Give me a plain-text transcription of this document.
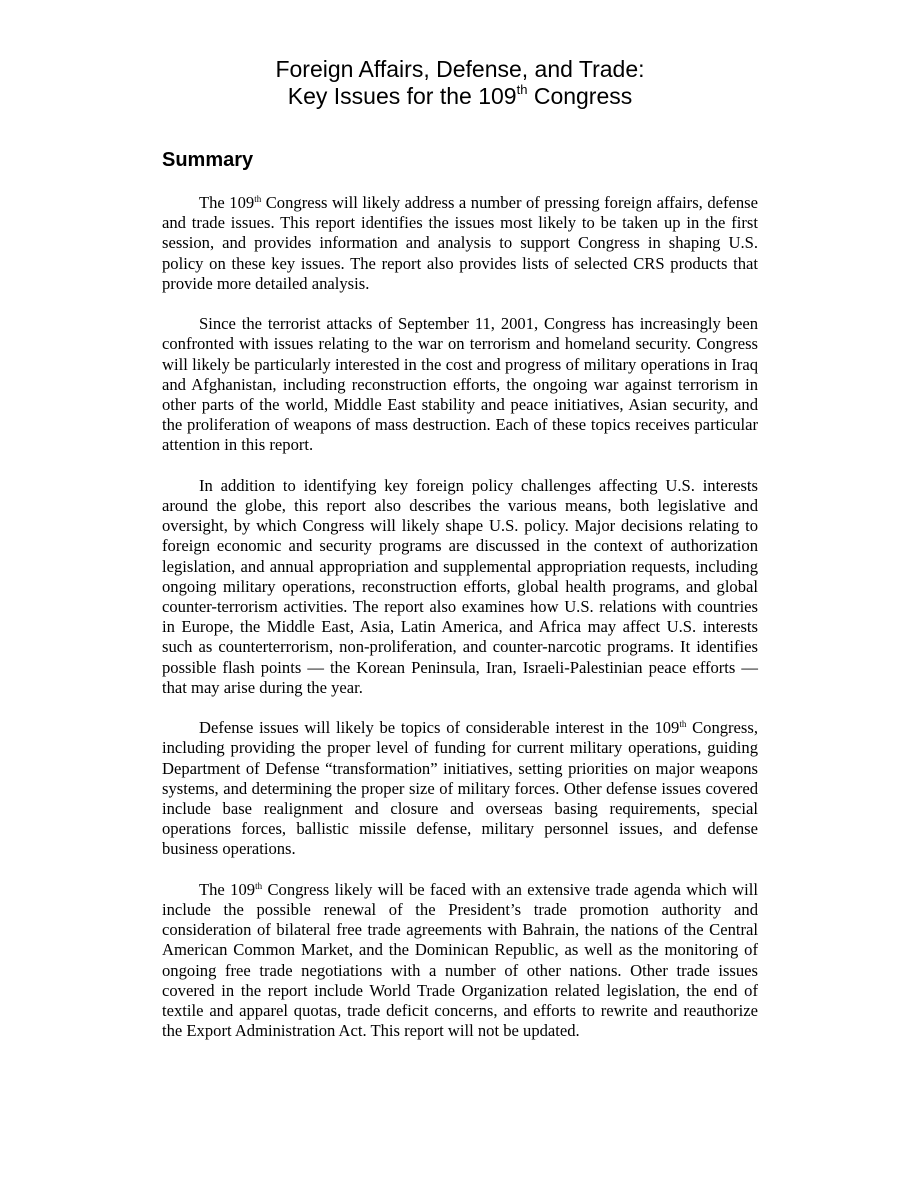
Foreign Affairs, Defense, and Trade:
Key Issues for the 109th Congress
Summary

The 109th Congress will likely address a number of pressing foreign affairs, defense and trade issues. This report identifies the issues most likely to be taken up in the first session, and provides information and analysis to support Congress in shaping U.S. policy on these key issues. The report also provides lists of selected CRS products that provide more detailed analysis.

Since the terrorist attacks of September 11, 2001, Congress has increasingly been confronted with issues relating to the war on terrorism and homeland security. Congress will likely be particularly interested in the cost and progress of military operations in Iraq and Afghanistan, including reconstruction efforts, the ongoing war against terrorism in other parts of the world, Middle East stability and peace initiatives, Asian security, and the proliferation of weapons of mass destruction. Each of these topics receives particular attention in this report.

In addition to identifying key foreign policy challenges affecting U.S. interests around the globe, this report also describes the various means, both legislative and oversight, by which Congress will likely shape U.S. policy. Major decisions relating to foreign economic and security programs are discussed in the context of authorization legislation, and annual appropriation and supplemental appropriation requests, including ongoing military operations, reconstruction efforts, global health programs, and global counter-terrorism activities. The report also examines how U.S. relations with countries in Europe, the Middle East, Asia, Latin America, and Africa may affect U.S. interests such as counterterrorism, non-proliferation, and counter-narcotic programs. It identifies possible flash points — the Korean Peninsula, Iran, Israeli-Palestinian peace efforts — that may arise during the year.

Defense issues will likely be topics of considerable interest in the 109th Congress, including providing the proper level of funding for current military operations, guiding Department of Defense “transformation” initiatives, setting priorities on major weapons systems, and determining the proper size of military forces. Other defense issues covered include base realignment and closure and overseas basing requirements, special operations forces, ballistic missile defense, military personnel issues, and defense business operations.

The 109th Congress likely will be faced with an extensive trade agenda which will include the possible renewal of the President’s trade promotion authority and consideration of bilateral free trade agreements with Bahrain, the nations of the Central American Common Market, and the Dominican Republic, as well as the monitoring of ongoing free trade negotiations with a number of other nations. Other trade issues covered in the report include World Trade Organization related legislation, the end of textile and apparel quotas, trade deficit concerns, and efforts to rewrite and reauthorize the Export Administration Act. This report will not be updated.
